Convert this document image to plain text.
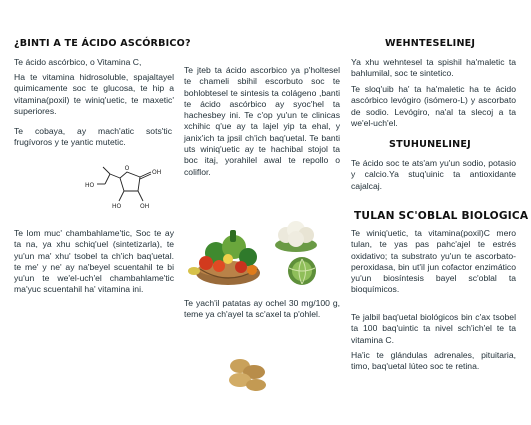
¿BINTI A TE ÁCIDO ASCÓRBICO?

Te ácido ascórbico, o Vitamina C,

Ha te vitamina hidrosoluble, spajaltayel quimicamente soc te glucosa, te hip a vitamina(poxil) te winiq'uetic, te maxetic' superiores.

Te cobaya, ay mach'atic sots'tic frugívoros y te yantic mutetic.

O
OH
OH
HO
HO

Te lom muc' chambahlame'tic, Soc te ay ta na, ya xhu schiq'uel (sintetizarla), te yu'un ma' xhu' tsobel ta ch'ich baq'uetal. te me' y ne' ay na'beyel scuentahil te bi yu'un te we'el-uch'el chambahlame'tic ma'yuc scuentahil ha' vitamina ini.

Te jteb ta ácido ascorbico ya p'holtesel te chameli sbihil escorbuto soc te bohlobtesel te sintesis ta colágeno ,banti te ácido ascórbico ay syoc'hel ta hachesbey ini. Te c'op yu'un te clinicas xchihic q'ue ay ta lajel yip ta ehal, y janix'ich ta jpsil ch'ich baq'uetal. Te banti uts winiq'uetic ay te hachibal stojol ta boc itaj, yorahilel awal te repollo o coliflor.

Te yach'il patatas ay ochel 30 mg/100 g, teme ya ch'ayel ta sc'axel ta p'ohlel.

WEHNTESELINEJ

Ya xhu wehntesel ta spishil ha'maletic ta bahlumilal, soc te sintetico.

Te sloq'uib ha' ta ha'maletic ha te ácido ascórbico levógiro (isómero-L) y ascorbato de sodio. Levógiro, na'al ta slecoj a ta we'el-uch'el.

STUHUNELINEJ

Te ácido soc te ats'am yu'un sodio, potasio y calcio.Ya stuq'uinic ta antioxidante cajalcaj.

TULAN SC'OBLAL BIOLOGICA

Te winiq'uetic, ta vitamina(poxil)C mero tulan, te yas pas pahc'ajel te estrés oxidativo; ta substrato yu'un te ascorbato-peroxidasa, bin ut'il jun cofactor enzimático yu'un biosíntesis bayel sc'oblal ta bioquímicos.

Te jalbil baq'uetal biológicos bin c'ax tsobel ta 100 baq'uintic ta nivel sch'ich'el te ta vitamina C.

Ha'ic te glándulas adrenales, pituitaria, timo, baq'uetal lúteo soc te retina.
